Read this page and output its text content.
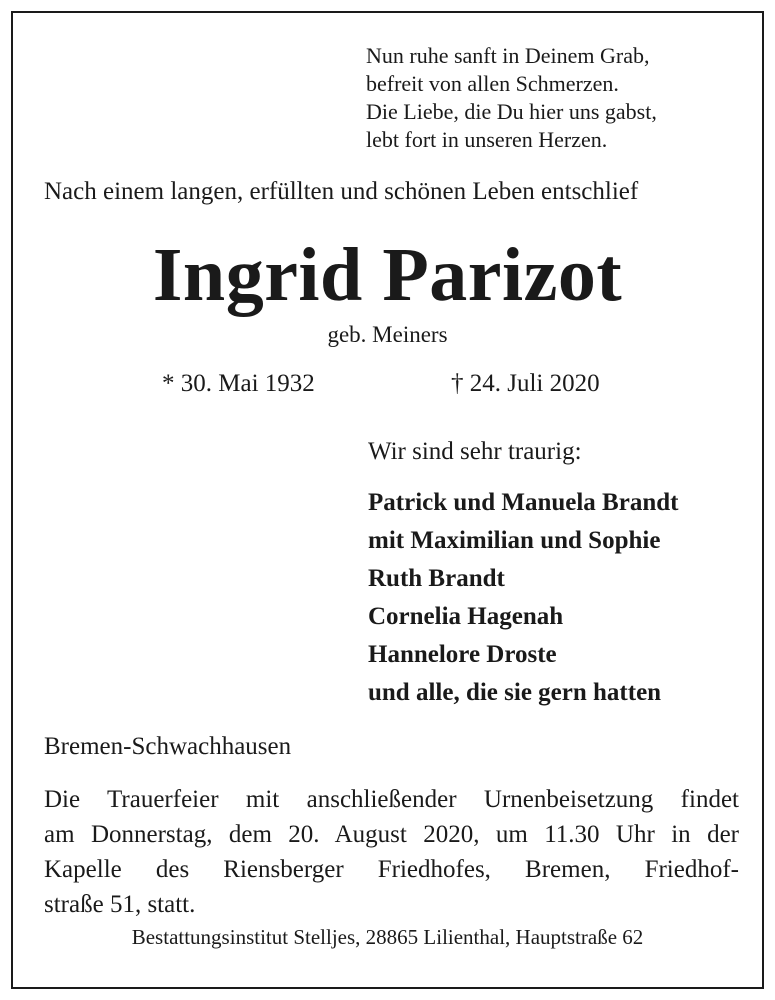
Nun ruhe sanft in Deinem Grab,
befreit von allen Schmerzen.
Die Liebe, die Du hier uns gabst,
lebt fort in unseren Herzen.
Nach einem langen, erfüllten und schönen Leben entschlief
Ingrid Parizot
geb. Meiners
* 30. Mai 1932	† 24. Juli 2020
Wir sind sehr traurig:
Patrick und Manuela Brandt
mit Maximilian und Sophie
Ruth Brandt
Cornelia Hagenah
Hannelore Droste
und alle, die sie gern hatten
Bremen-Schwachhausen
Die Trauerfeier mit anschließender Urnenbeisetzung findet
am Donnerstag, dem 20. August 2020, um 11.30 Uhr in der
Kapelle des Riensberger Friedhofes, Bremen, Friedhof-
straße 51, statt.
Bestattungsinstitut Stelljes, 28865 Lilienthal, Hauptstraße 62
